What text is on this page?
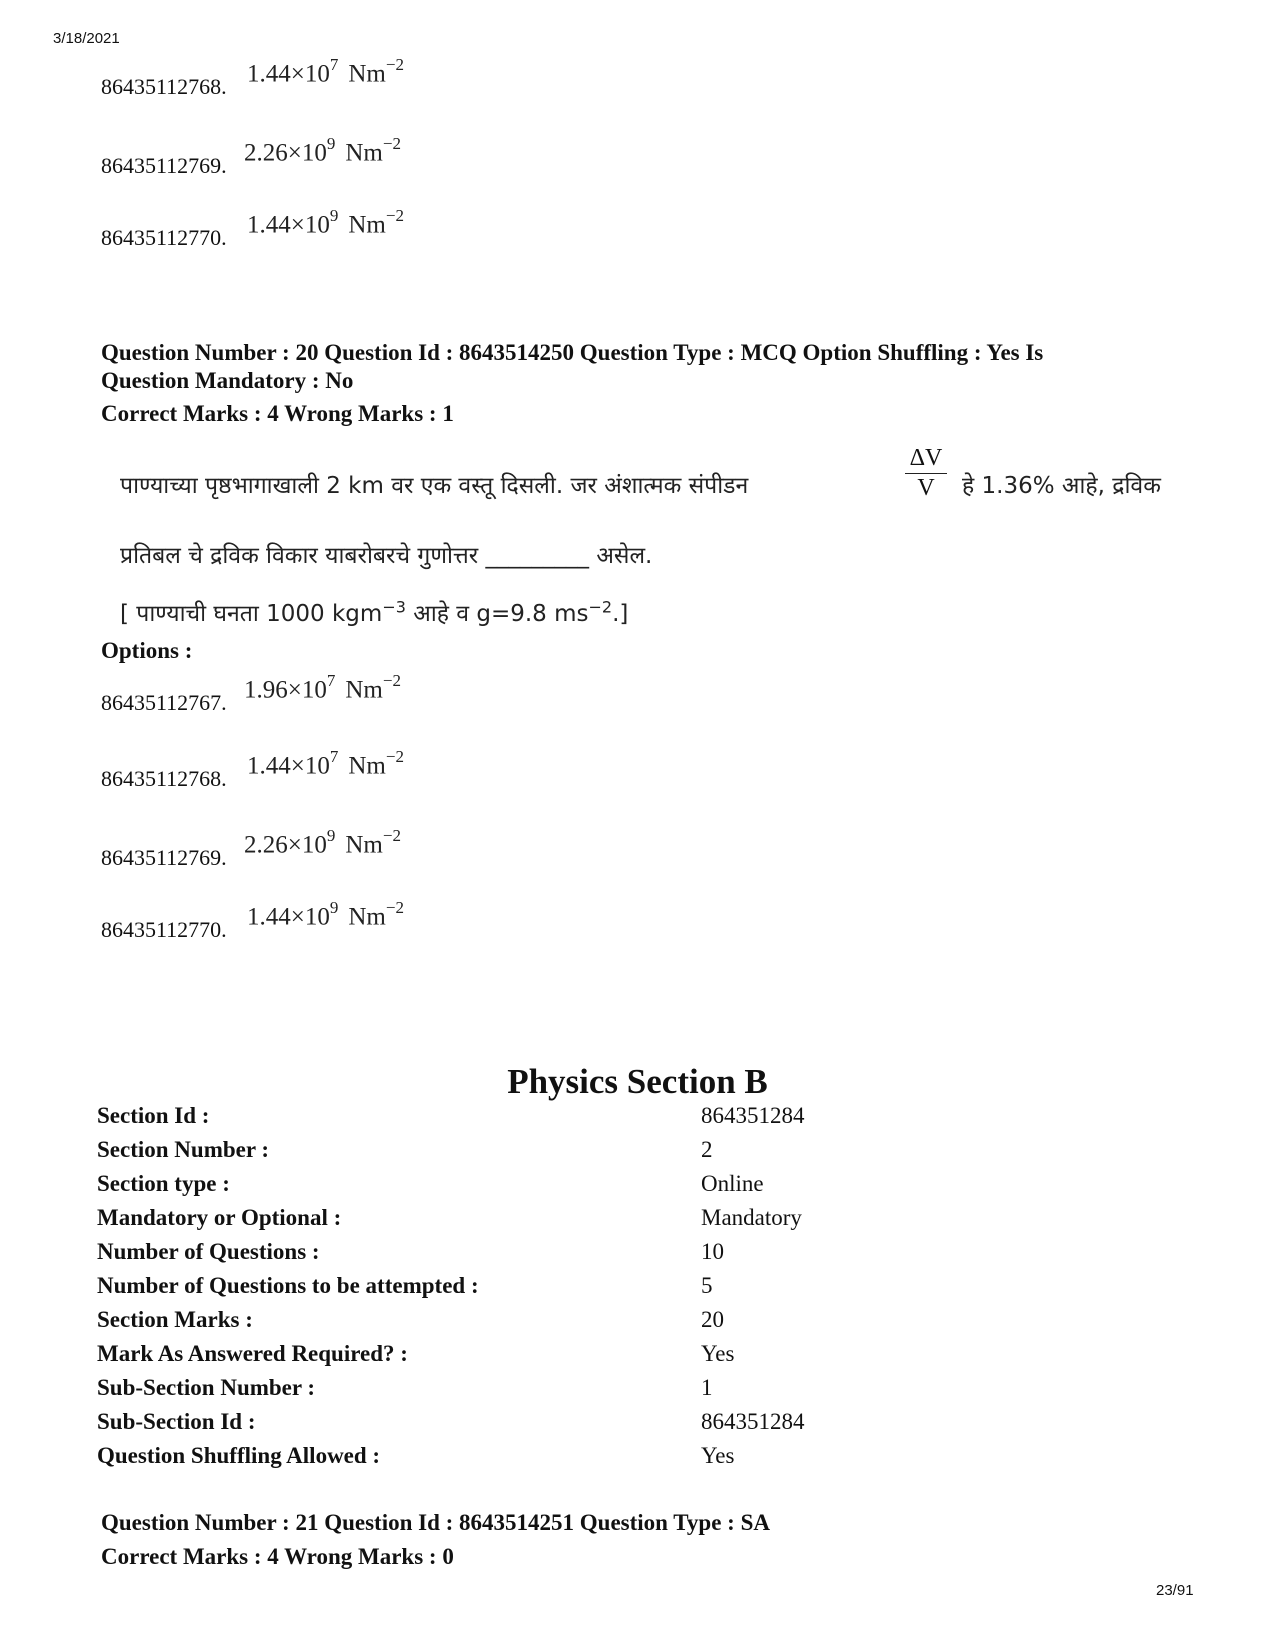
3/18/2021
86435112768. $1.44\times 10^7$ $Nm^{-2}$
86435112769. $2.26\times 10^9$ $Nm^{-2}$
86435112770. $1.44\times 10^9$ $Nm^{-2}$
Question Number : 20 Question Id : 8643514250 Question Type : MCQ Option Shuffling : Yes Is
Question Mandatory : No
Correct Marks : 4 Wrong Marks : 1
पाण्याच्या पृष्ठभागाखाली 2 km वर एक वस्तू दिसली. जर अंशात्मक संपीडन	$\frac{\Delta V}{V}$ हे 1.36% आहे, द्रविक
प्रतिबल चे द्रविक विकार याबरोबरचे गुणोत्तर _________ असेल.
[ पाण्याची घनता 1000 kgm$^{-3}$ आहे व g=9.8 $ms^{-2}$.]
Options :
86435112767. $1.96\times 10^7$ $Nm^{-2}$
86435112768. $1.44\times 10^7$ $Nm^{-2}$
86435112769. $2.26\times 10^9$ $Nm^{-2}$
86435112770. $1.44\times 10^9$ $Nm^{-2}$
Physics Section B
Section Id :	864351284
Section Number :	2
Section type :	Online
Mandatory or Optional :	Mandatory
Number of Questions :	10
Number of Questions to be attempted :	5
Section Marks :	20
Mark As Answered Required? :	Yes
Sub-Section Number :	1
Sub-Section Id :	864351284
Question Shuffling Allowed :	Yes
Question Number : 21 Question Id : 8643514251 Question Type : SA
Correct Marks : 4 Wrong Marks : 0
23/91
